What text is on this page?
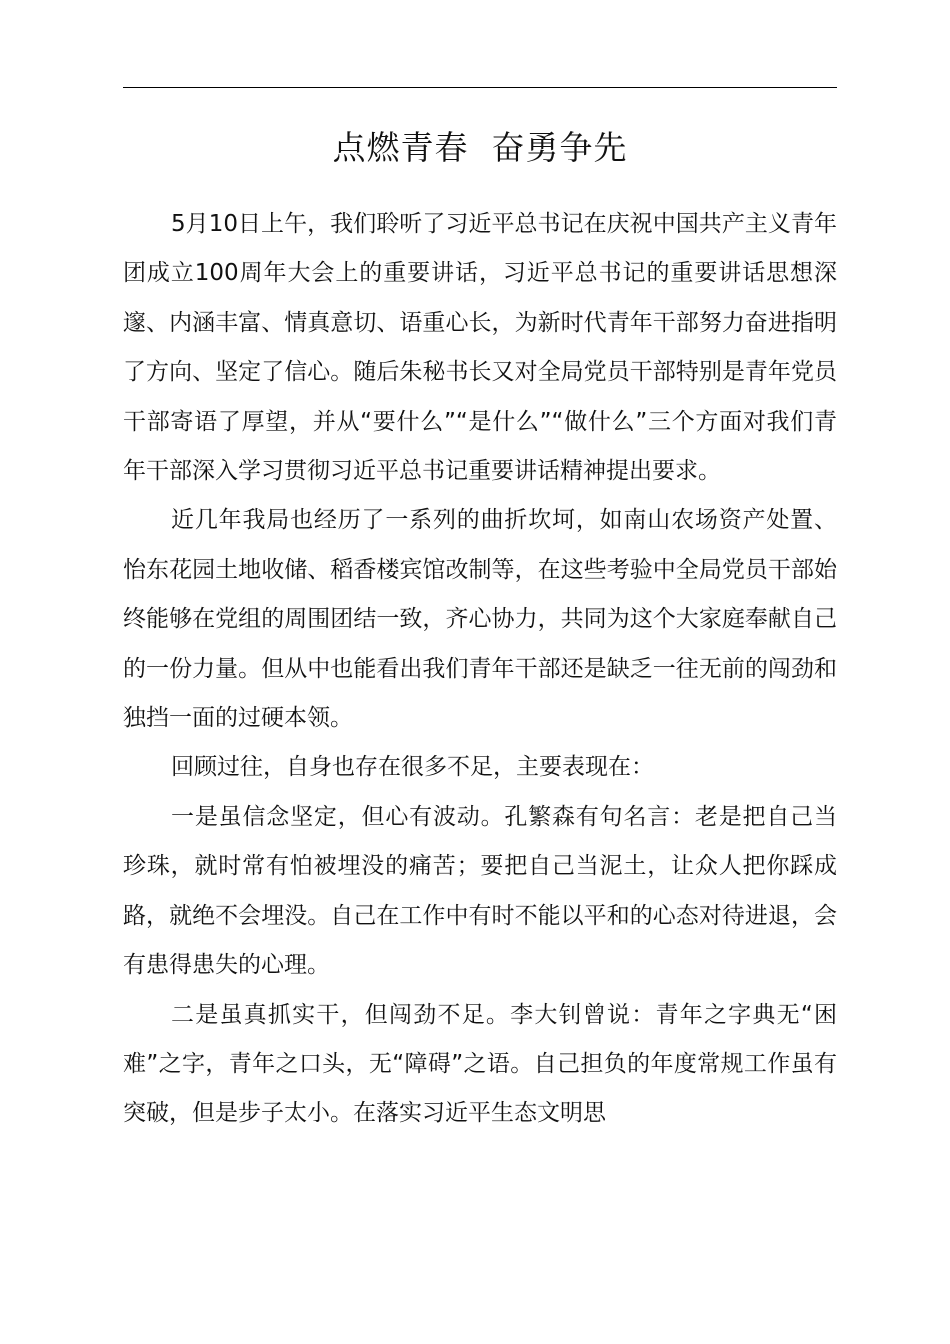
点燃青春  奋勇争先

5月10日上午，我们聆听了习近平总书记在庆祝中国共产主义青年团成立100周年大会上的重要讲话，习近平总书记的重要讲话思想深邃、内涵丰富、情真意切、语重心长，为新时代青年干部努力奋进指明了方向、坚定了信心。随后朱秘书长又对全局党员干部特别是青年党员干部寄语了厚望，并从“要什么”“是什么”“做什么”三个方面对我们青年干部深入学习贯彻习近平总书记重要讲话精神提出要求。

近几年我局也经历了一系列的曲折坎坷，如南山农场资产处置、怡东花园土地收储、稻香楼宾馆改制等，在这些考验中全局党员干部始终能够在党组的周围团结一致，齐心协力，共同为这个大家庭奉献自己的一份力量。但从中也能看出我们青年干部还是缺乏一往无前的闯劲和独挡一面的过硬本领。

回顾过往，自身也存在很多不足，主要表现在：

一是虽信念坚定，但心有波动。孔繁森有句名言：老是把自己当珍珠，就时常有怕被埋没的痛苦；要把自己当泥土，让众人把你踩成路，就绝不会埋没。自己在工作中有时不能以平和的心态对待进退，会有患得患失的心理。

二是虽真抓实干，但闯劲不足。李大钊曾说：青年之字典无“困难”之字，青年之口头，无“障碍”之语。自己担负的年度常规工作虽有突破，但是步子太小。在落实习近平生态文明思
